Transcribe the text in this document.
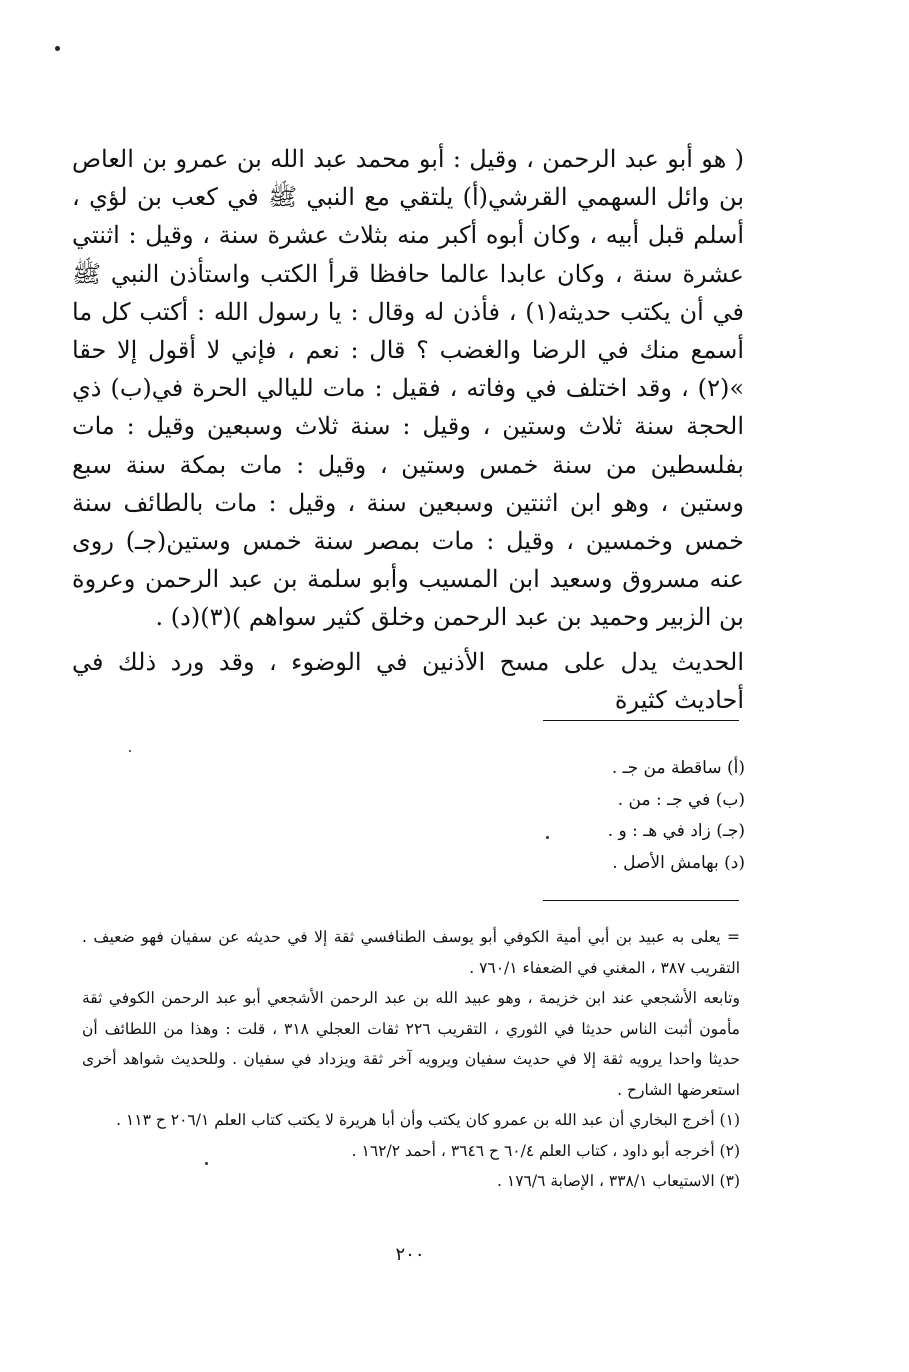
( هو أبو عبد الرحمن ، وقيل : أبو محمد عبد الله بن عمرو بن العاص بن وائل السهمي القرشي(أ) يلتقي مع النبي ﷺ في كعب بن لؤي ، أسلم قبل أبيه ، وكان أبوه أكبر منه بثلاث عشرة سنة ، وقيل : اثنتي عشرة سنة ، وكان عابدا عالما حافظا قرأ الكتب واستأذن النبي ﷺ في أن يكتب حديثه(١) ، فأذن له وقال : يا رسول الله : أكتب كل ما أسمع منك في الرضا والغضب ؟ قال : نعم ، فإني لا أقول إلا حقا »(٢) ، وقد اختلف في وفاته ، فقيل : مات لليالي الحرة في(ب) ذي الحجة سنة ثلاث وستين ، وقيل : سنة ثلاث وسبعين وقيل : مات بفلسطين من سنة خمس وستين ، وقيل : مات بمكة سنة سبع وستين ، وهو ابن اثنتين وسبعين سنة ، وقيل : مات بالطائف سنة خمس وخمسين ، وقيل : مات بمصر سنة خمس وستين(جـ) روى عنه مسروق وسعيد ابن المسيب وأبو سلمة بن عبد الرحمن وعروة بن الزبير وحميد بن عبد الرحمن وخلق كثير سواهم )(٣)(د) .

الحديث يدل على مسح الأذنين في الوضوء ، وقد ورد ذلك في أحاديث كثيرة

(أ) ساقطة من جـ .
(ب) في جـ : من .
(جـ) زاد في هـ : و .
(د) بهامش الأصل .

= يعلى به عبيد بن أبي أمية الكوفي أبو يوسف الطنافسي ثقة إلا في حديثه عن سفيان فهو ضعيف . التقريب ٣٨٧ ، المغني في الضعفاء ٧٦٠/١ .

وتابعه الأشجعي عند ابن خزيمة ، وهو عبيد الله بن عبد الرحمن الأشجعي أبو عبد الرحمن الكوفي ثقة مأمون أثبت الناس حديثا في الثوري ، التقريب ٢٢٦ ثقات العجلي ٣١٨ ، قلت : وهذا من اللطائف أن حديثا واحدا يرويه ثقة إلا في حديث سفيان ويرويه آخر ثقة ويزداد في سفيان . وللحديث شواهد أخرى استعرضها الشارح .

(١) أخرج البخاري أن عبد الله بن عمرو كان يكتب وأن أبا هريرة لا يكتب كتاب العلم ٢٠٦/١ ح ١١٣ .

(٢) أخرجه أبو داود ، كتاب العلم ٦٠/٤ ح ٣٦٤٦ ، أحمد ١٦٢/٢ .

(٣) الاستيعاب ٣٣٨/١ ، الإصابة ١٧٦/٦ .

٢٠٠
